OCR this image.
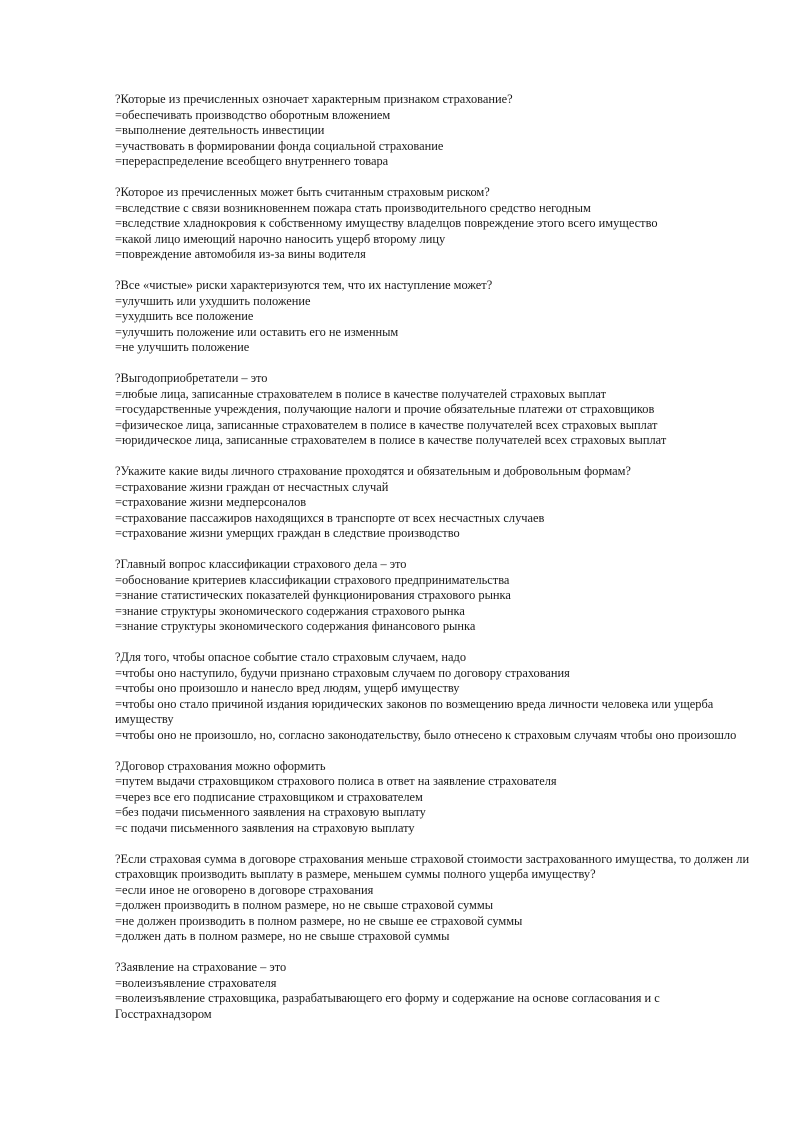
?Которые из пречисленных озночает характерным признаком страхование?

=обеспечивать производство оборотным вложением

=выполнение деятельность инвестиции

=участвовать в формировании фонда социальной страхование

=перераспределение всеобщего внутреннего товара

?Которое из пречисленных может быть считанным страховым риском?

=вследствие с связи возникновеннем пожара стать производительного средство негодным

=вследствие хладнокровия к собственному имуществу владелцов повреждение этого всего имущество

=какой лицо имеющий нарочно наносить ущерб второму лицу

=повреждение автомобиля из-за вины водителя

?Все «чистые» риски характеризуются тем, что их наступление может?

=улучшить или ухудшить положение

=ухудшить все положение

=улучшить положение или оставить его не изменным

=не улучшить положение

?Выгодоприобретатели – это

=любые лица, записанные страхователем в полисе в качестве получателей страховых выплат

=государственные учреждения, получающие налоги и прочие обязательные платежи от страховщиков

=физическое лица, записанные страхователем в полисе в качестве получателей всех страховых выплат

=юридическое лица, записанные страхователем в полисе в качестве получателей всех страховых выплат

?Укажите какие виды личного страхование проходятся и обязательным и добровольным формам?

=страхование жизни граждан от несчастных случай

=страхование жизни медперсоналов

=страхование пассажиров находящихся в транспорте от всех несчастных случаев

=страхование жизни умерщих граждан в следствие производство

?Главный вопрос классификации страхового дела – это

=обоснование критериев классификации страхового предпринимательства

=знание статистических показателей функционирования страхового рынка

=знание структуры экономического содержания страхового рынка

=знание структуры экономического содержания финансового рынка

?Для того, чтобы опасное событие стало страховым случаем, надо

=чтобы оно наступило, будучи признано страховым случаем по договору страхования

=чтобы оно произошло и нанесло вред людям, ущерб имуществу

=чтобы оно стало причиной издания юридических законов по возмещению вреда личности человека или ущерба имуществу

=чтобы оно не произошло, но, согласно законодательству, было отнесено к страховым случаям чтобы оно произошло

?Договор страхования можно оформить

=путем выдачи страховщиком страхового полиса в ответ на заявление страхователя

=через все его подписание страховщиком и страхователем

=без подачи письменного заявления на страховую выплату

=с подачи письменного заявления на страховую выплату

?Если страховая сумма в договоре страхования меньше страховой стоимости застрахованного имущества, то должен ли страховщик производить выплату в размере, меньшем суммы полного ущерба имуществу?

=если иное не оговорено в договоре страхования

=должен производить в полном размере, но не свыше страховой суммы

=не должен производить в полном размере, но не свыше ее страховой суммы

=должен дать в полном размере, но не свыше страховой суммы

?Заявление на страхование – это

=волеизъявление страхователя

=волеизъявление страховщика, разрабатывающего его форму и содержание на основе согласования и с Госстрахнадзором
